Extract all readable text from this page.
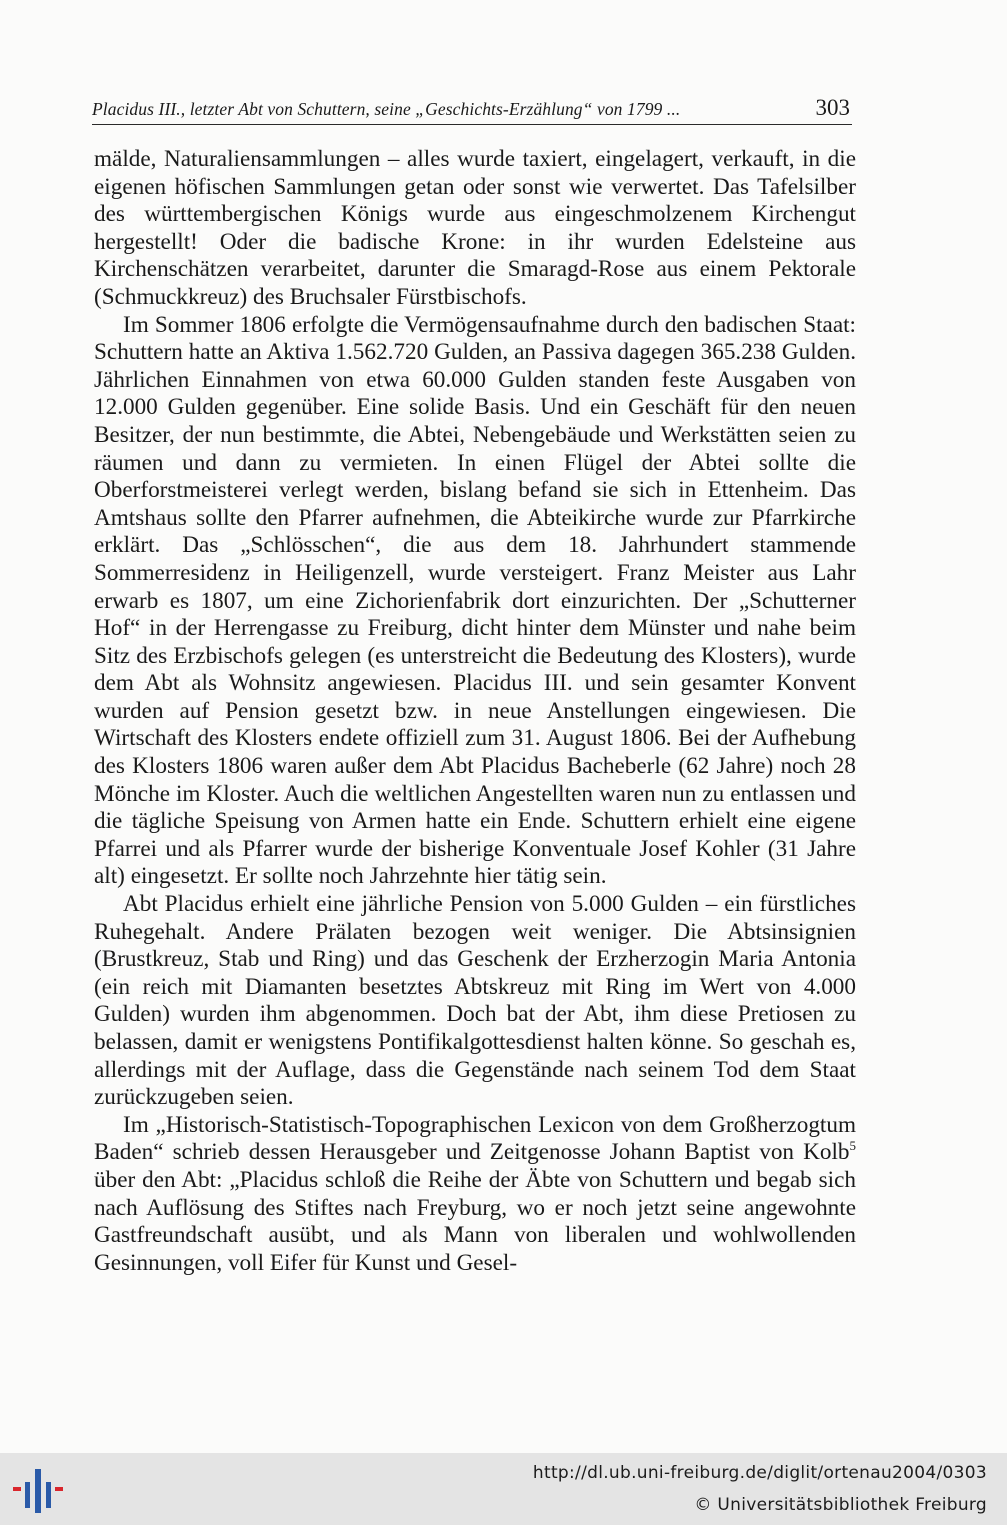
Placidus III., letzter Abt von Schuttern, seine „Geschichts-Erzählung“ von 1799 ...	303

mälde, Naturaliensammlungen – alles wurde taxiert, eingelagert, verkauft, in die eigenen höfischen Sammlungen getan oder sonst wie verwertet. Das Tafelsilber des württembergischen Königs wurde aus eingeschmolzenem Kirchengut hergestellt! Oder die badische Krone: in ihr wurden Edelsteine aus Kirchenschätzen verarbeitet, darunter die Smaragd-Rose aus einem Pektorale (Schmuckkreuz) des Bruchsaler Fürstbischofs.

Im Sommer 1806 erfolgte die Vermögensaufnahme durch den badischen Staat: Schuttern hatte an Aktiva 1.562.720 Gulden, an Passiva dagegen 365.238 Gulden. Jährlichen Einnahmen von etwa 60.000 Gulden standen feste Ausgaben von 12.000 Gulden gegenüber. Eine solide Basis. Und ein Geschäft für den neuen Besitzer, der nun bestimmte, die Abtei, Nebengebäude und Werkstätten seien zu räumen und dann zu vermieten. In einen Flügel der Abtei sollte die Oberforstmeisterei verlegt werden, bislang befand sie sich in Ettenheim. Das Amtshaus sollte den Pfarrer aufnehmen, die Abteikirche wurde zur Pfarrkirche erklärt. Das „Schlösschen“, die aus dem 18. Jahrhundert stammende Sommerresidenz in Heiligenzell, wurde versteigert. Franz Meister aus Lahr erwarb es 1807, um eine Zichorienfabrik dort einzurichten. Der „Schutterner Hof“ in der Herrengasse zu Freiburg, dicht hinter dem Münster und nahe beim Sitz des Erzbischofs gelegen (es unterstreicht die Bedeutung des Klosters), wurde dem Abt als Wohnsitz angewiesen. Placidus III. und sein gesamter Konvent wurden auf Pension gesetzt bzw. in neue Anstellungen eingewiesen. Die Wirtschaft des Klosters endete offiziell zum 31. August 1806. Bei der Aufhebung des Klosters 1806 waren außer dem Abt Placidus Bacheberle (62 Jahre) noch 28 Mönche im Kloster. Auch die weltlichen Angestellten waren nun zu entlassen und die tägliche Speisung von Armen hatte ein Ende. Schuttern erhielt eine eigene Pfarrei und als Pfarrer wurde der bisherige Konventuale Josef Kohler (31 Jahre alt) eingesetzt. Er sollte noch Jahrzehnte hier tätig sein.

Abt Placidus erhielt eine jährliche Pension von 5.000 Gulden – ein fürstliches Ruhegehalt. Andere Prälaten bezogen weit weniger. Die Abtsinsignien (Brustkreuz, Stab und Ring) und das Geschenk der Erzherzogin Maria Antonia (ein reich mit Diamanten besetztes Abtskreuz mit Ring im Wert von 4.000 Gulden) wurden ihm abgenommen. Doch bat der Abt, ihm diese Pretiosen zu belassen, damit er wenigstens Pontifikalgottesdienst halten könne. So geschah es, allerdings mit der Auflage, dass die Gegenstände nach seinem Tod dem Staat zurückzugeben seien.

Im „Historisch-Statistisch-Topographischen Lexicon von dem Großherzogtum Baden“ schrieb dessen Herausgeber und Zeitgenosse Johann Baptist von Kolb$^5$ über den Abt: „Placidus schloß die Reihe der Äbte von Schuttern und begab sich nach Auflösung des Stiftes nach Freyburg, wo er noch jetzt seine angewohnte Gastfreundschaft ausübt, und als Mann von liberalen und wohlwollenden Gesinnungen, voll Eifer für Kunst und Gesel-

http://dl.ub.uni-freiburg.de/diglit/ortenau2004/0303
© Universitätsbibliothek Freiburg
